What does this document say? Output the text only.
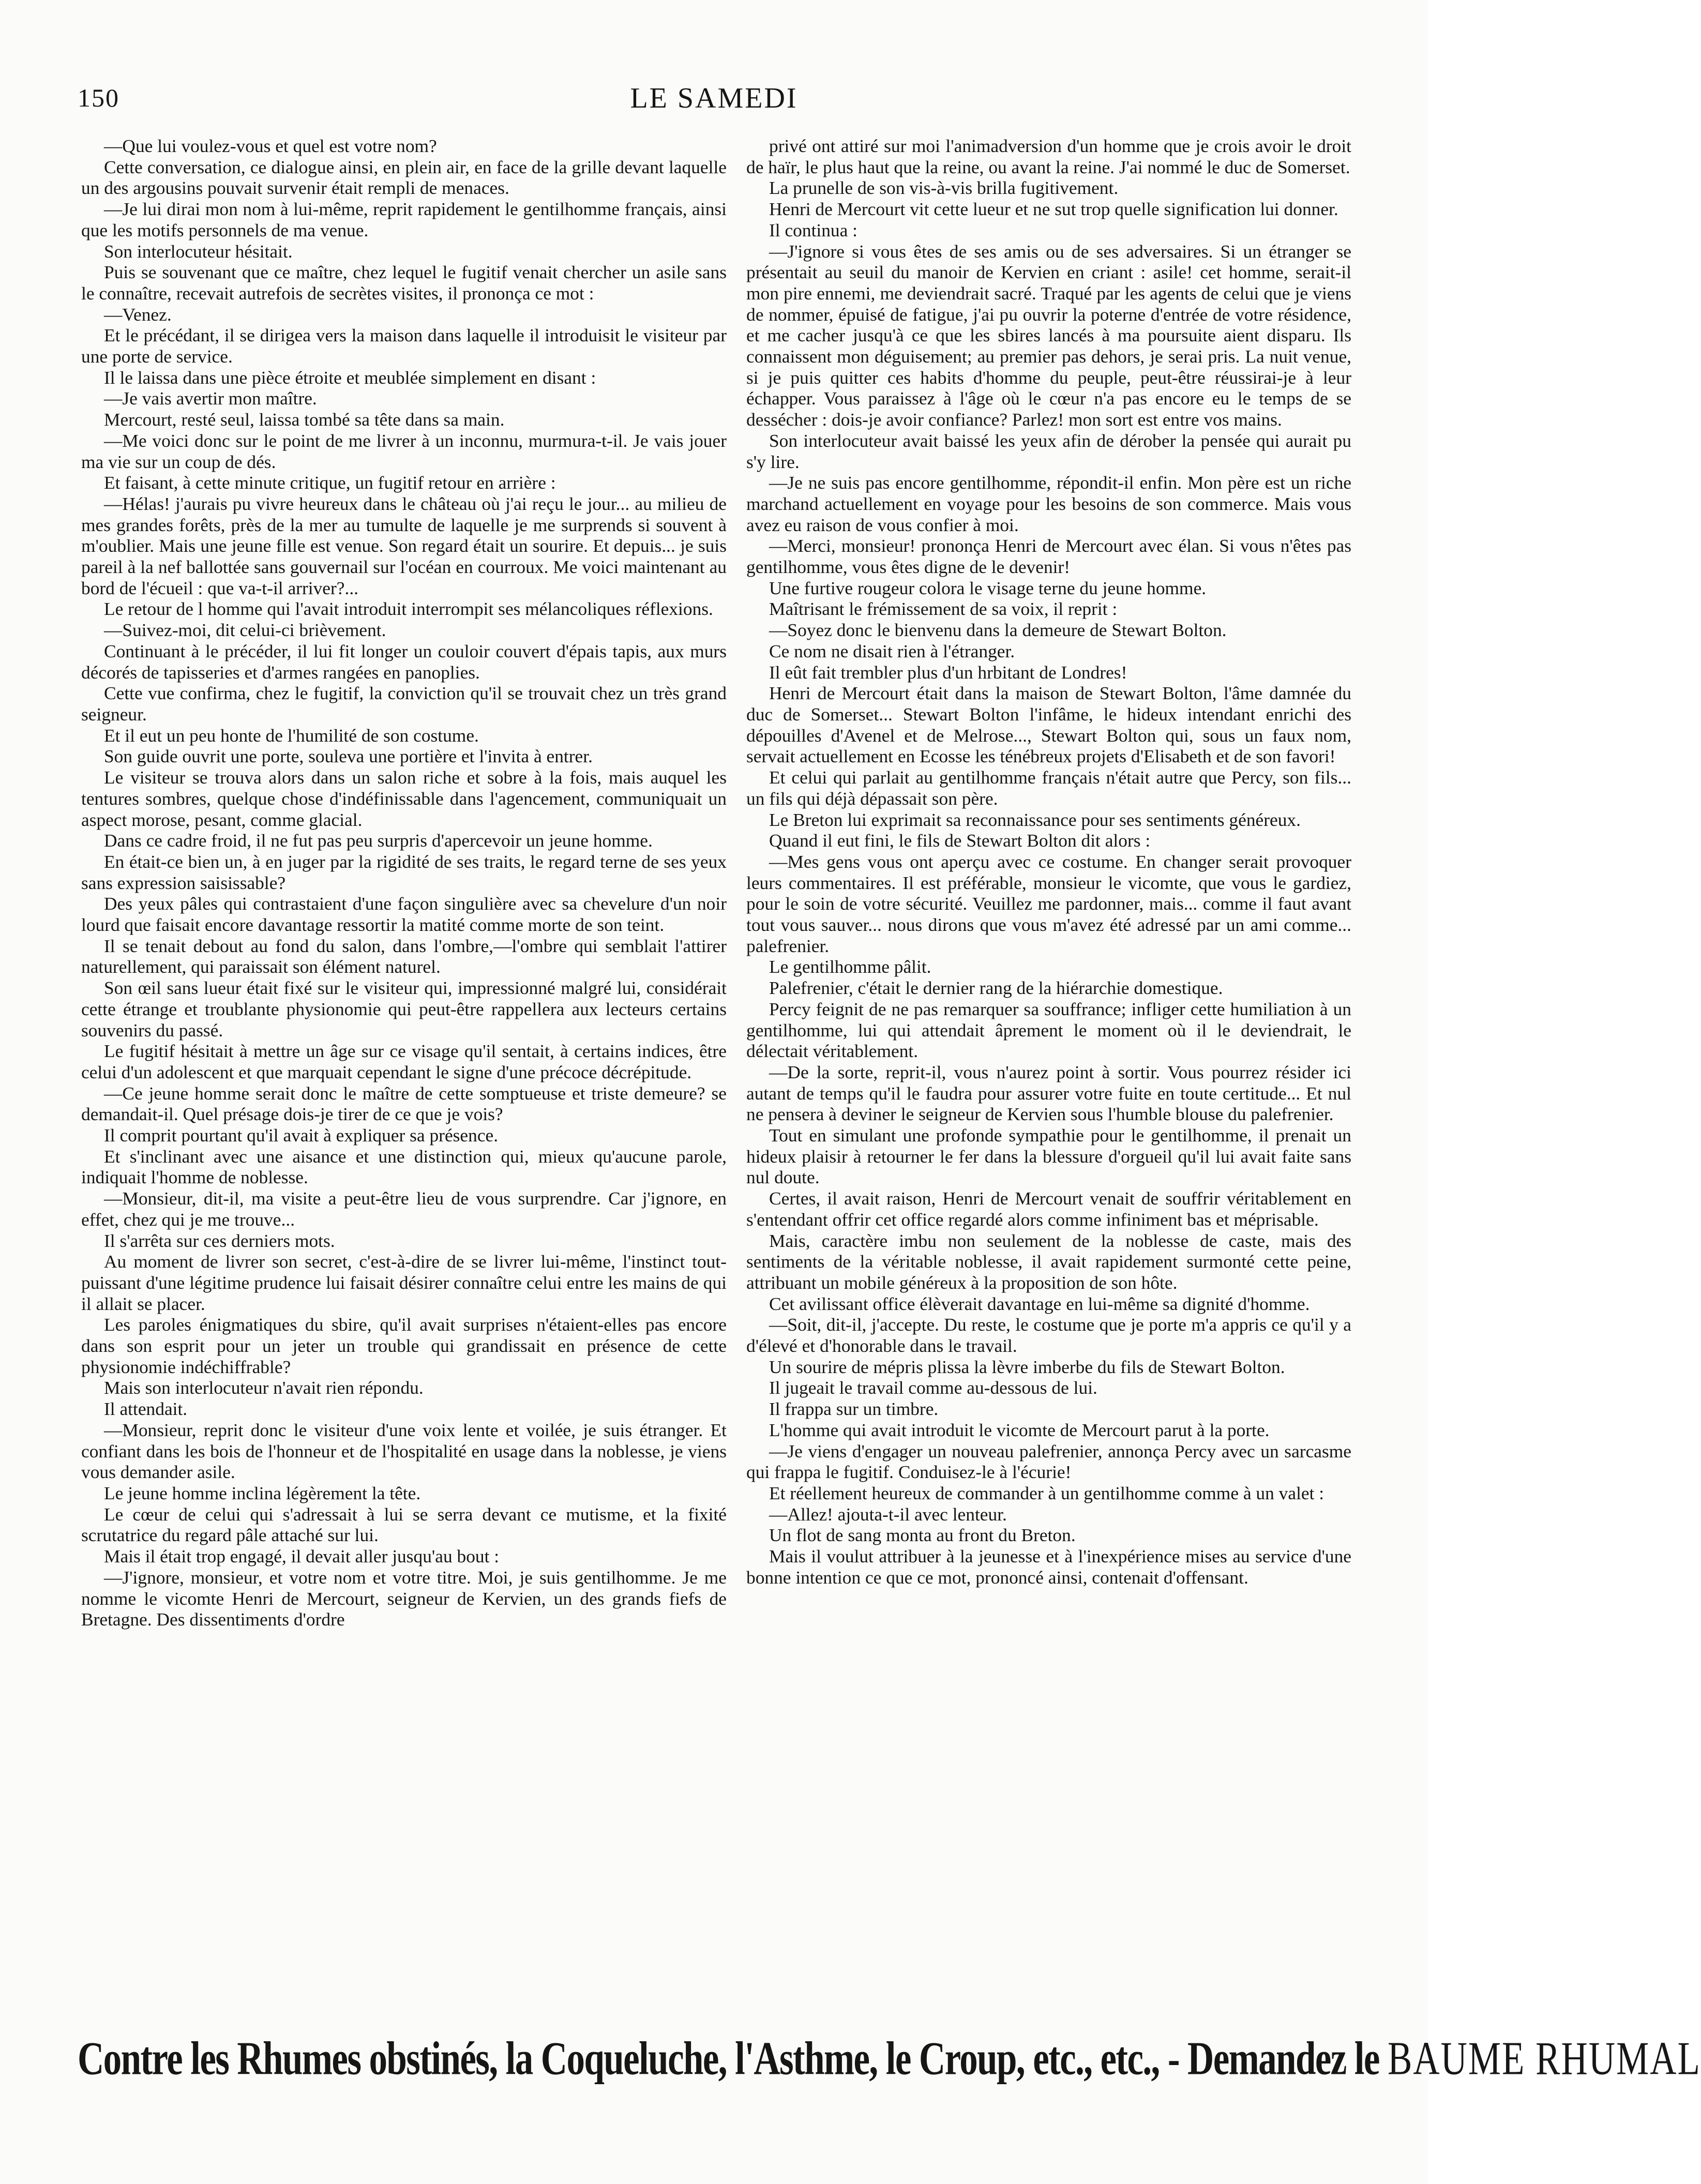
150	LE SAMEDI

—Que lui voulez-vous et quel est votre nom?

Cette conversation, ce dialogue ainsi, en plein air, en face de la grille devant laquelle un des argousins pouvait survenir était rempli de menaces.

—Je lui dirai mon nom à lui-même, reprit rapidement le gentilhomme français, ainsi que les motifs personnels de ma venue.

Son interlocuteur hésitait.

Puis se souvenant que ce maître, chez lequel le fugitif venait chercher un asile sans le connaître, recevait autrefois de secrètes visites, il prononça ce mot :

—Venez.

Et le précédant, il se dirigea vers la maison dans laquelle il introduisit le visiteur par une porte de service.

Il le laissa dans une pièce étroite et meublée simplement en disant :

—Je vais avertir mon maître.

Mercourt, resté seul, laissa tombé sa tête dans sa main.

—Me voici donc sur le point de me livrer à un inconnu, murmura-t-il. Je vais jouer ma vie sur un coup de dés.

Et faisant, à cette minute critique, un fugitif retour en arrière :

—Hélas! j'aurais pu vivre heureux dans le château où j'ai reçu le jour... au milieu de mes grandes forêts, près de la mer au tumulte de laquelle je me surprends si souvent à m'oublier. Mais une jeune fille est venue. Son regard était un sourire. Et depuis... je suis pareil à la nef ballottée sans gouvernail sur l'océan en courroux. Me voici maintenant au bord de l'écueil : que va-t-il arriver?...

Le retour de l homme qui l'avait introduit interrompit ses mélancoliques réflexions.

—Suivez-moi, dit celui-ci brièvement.

Continuant à le précéder, il lui fit longer un couloir couvert d'épais tapis, aux murs décorés de tapisseries et d'armes rangées en panoplies.

Cette vue confirma, chez le fugitif, la conviction qu'il se trouvait chez un très grand seigneur.

Et il eut un peu honte de l'humilité de son costume.

Son guide ouvrit une porte, souleva une portière et l'invita à entrer.

Le visiteur se trouva alors dans un salon riche et sobre à la fois, mais auquel les tentures sombres, quelque chose d'indéfinissable dans l'agencement, communiquait un aspect morose, pesant, comme glacial.

Dans ce cadre froid, il ne fut pas peu surpris d'apercevoir un jeune homme.

En était-ce bien un, à en juger par la rigidité de ses traits, le regard terne de ses yeux sans expression saisissable?

Des yeux pâles qui contrastaient d'une façon singulière avec sa chevelure d'un noir lourd que faisait encore davantage ressortir la matité comme morte de son teint.

Il se tenait debout au fond du salon, dans l'ombre,—l'ombre qui semblait l'attirer naturellement, qui paraissait son élément naturel.

Son œil sans lueur était fixé sur le visiteur qui, impressionné malgré lui, considérait cette étrange et troublante physionomie qui peut-être rappellera aux lecteurs certains souvenirs du passé.

Le fugitif hésitait à mettre un âge sur ce visage qu'il sentait, à certains indices, être celui d'un adolescent et que marquait cependant le signe d'une précoce décrépitude.

—Ce jeune homme serait donc le maître de cette somptueuse et triste demeure? se demandait-il. Quel présage dois-je tirer de ce que je vois?

Il comprit pourtant qu'il avait à expliquer sa présence.

Et s'inclinant avec une aisance et une distinction qui, mieux qu'aucune parole, indiquait l'homme de noblesse.

—Monsieur, dit-il, ma visite a peut-être lieu de vous surprendre. Car j'ignore, en effet, chez qui je me trouve...

Il s'arrêta sur ces derniers mots.

Au moment de livrer son secret, c'est-à-dire de se livrer lui-même, l'instinct tout-puissant d'une légitime prudence lui faisait désirer connaître celui entre les mains de qui il allait se placer.

Les paroles énigmatiques du sbire, qu'il avait surprises n'étaient-elles pas encore dans son esprit pour un jeter un trouble qui grandissait en présence de cette physionomie indéchiffrable?

Mais son interlocuteur n'avait rien répondu.

Il attendait.

—Monsieur, reprit donc le visiteur d'une voix lente et voilée, je suis étranger. Et confiant dans les bois de l'honneur et de l'hospitalité en usage dans la noblesse, je viens vous demander asile.

Le jeune homme inclina légèrement la tête.

Le cœur de celui qui s'adressait à lui se serra devant ce mutisme, et la fixité scrutatrice du regard pâle attaché sur lui.

Mais il était trop engagé, il devait aller jusqu'au bout :

—J'ignore, monsieur, et votre nom et votre titre. Moi, je suis gentilhomme. Je me nomme le vicomte Henri de Mercourt, seigneur de Kervien, un des grands fiefs de Bretagne. Des dissentiments d'ordre

privé ont attiré sur moi l'animadversion d'un homme que je crois avoir le droit de haïr, le plus haut que la reine, ou avant la reine. J'ai nommé le duc de Somerset.

La prunelle de son vis-à-vis brilla fugitivement.

Henri de Mercourt vit cette lueur et ne sut trop quelle signification lui donner.

Il continua :

—J'ignore si vous êtes de ses amis ou de ses adversaires. Si un étranger se présentait au seuil du manoir de Kervien en criant : asile! cet homme, serait-il mon pire ennemi, me deviendrait sacré. Traqué par les agents de celui que je viens de nommer, épuisé de fatigue, j'ai pu ouvrir la poterne d'entrée de votre résidence, et me cacher jusqu'à ce que les sbires lancés à ma poursuite aient disparu. Ils connaissent mon déguisement; au premier pas dehors, je serai pris. La nuit venue, si je puis quitter ces habits d'homme du peuple, peut-être réussirai-je à leur échapper. Vous paraissez à l'âge où le cœur n'a pas encore eu le temps de se dessécher : dois-je avoir confiance? Parlez! mon sort est entre vos mains.

Son interlocuteur avait baissé les yeux afin de dérober la pensée qui aurait pu s'y lire.

—Je ne suis pas encore gentilhomme, répondit-il enfin. Mon père est un riche marchand actuellement en voyage pour les besoins de son commerce. Mais vous avez eu raison de vous confier à moi.

—Merci, monsieur! prononça Henri de Mercourt avec élan. Si vous n'êtes pas gentilhomme, vous êtes digne de le devenir!

Une furtive rougeur colora le visage terne du jeune homme.

Maîtrisant le frémissement de sa voix, il reprit :

—Soyez donc le bienvenu dans la demeure de Stewart Bolton.

Ce nom ne disait rien à l'étranger.

Il eût fait trembler plus d'un hrbitant de Londres!

Henri de Mercourt était dans la maison de Stewart Bolton, l'âme damnée du duc de Somerset... Stewart Bolton l'infâme, le hideux intendant enrichi des dépouilles d'Avenel et de Melrose..., Stewart Bolton qui, sous un faux nom, servait actuellement en Ecosse les ténébreux projets d'Elisabeth et de son favori!

Et celui qui parlait au gentilhomme français n'était autre que Percy, son fils... un fils qui déjà dépassait son père.

Le Breton lui exprimait sa reconnaissance pour ses sentiments généreux.

Quand il eut fini, le fils de Stewart Bolton dit alors :

—Mes gens vous ont aperçu avec ce costume. En changer serait provoquer leurs commentaires. Il est préférable, monsieur le vicomte, que vous le gardiez, pour le soin de votre sécurité. Veuillez me pardonner, mais... comme il faut avant tout vous sauver... nous dirons que vous m'avez été adressé par un ami comme... palefrenier.

Le gentilhomme pâlit.

Palefrenier, c'était le dernier rang de la hiérarchie domestique.

Percy feignit de ne pas remarquer sa souffrance; infliger cette humiliation à un gentilhomme, lui qui attendait âprement le moment où il le deviendrait, le délectait véritablement.

—De la sorte, reprit-il, vous n'aurez point à sortir. Vous pourrez résider ici autant de temps qu'il le faudra pour assurer votre fuite en toute certitude... Et nul ne pensera à deviner le seigneur de Kervien sous l'humble blouse du palefrenier.

Tout en simulant une profonde sympathie pour le gentilhomme, il prenait un hideux plaisir à retourner le fer dans la blessure d'orgueil qu'il lui avait faite sans nul doute.

Certes, il avait raison, Henri de Mercourt venait de souffrir véritablement en s'entendant offrir cet office regardé alors comme infiniment bas et méprisable.

Mais, caractère imbu non seulement de la noblesse de caste, mais des sentiments de la véritable noblesse, il avait rapidement surmonté cette peine, attribuant un mobile généreux à la proposition de son hôte.

Cet avilissant office élèverait davantage en lui-même sa dignité d'homme.

—Soit, dit-il, j'accepte. Du reste, le costume que je porte m'a appris ce qu'il y a d'élevé et d'honorable dans le travail.

Un sourire de mépris plissa la lèvre imberbe du fils de Stewart Bolton.

Il jugeait le travail comme au-dessous de lui.

Il frappa sur un timbre.

L'homme qui avait introduit le vicomte de Mercourt parut à la porte.

—Je viens d'engager un nouveau palefrenier, annonça Percy avec un sarcasme qui frappa le fugitif. Conduisez-le à l'écurie!

Et réellement heureux de commander à un gentilhomme comme à un valet :

—Allez! ajouta-t-il avec lenteur.

Un flot de sang monta au front du Breton.

Mais il voulut attribuer à la jeunesse et à l'inexpérience mises au service d'une bonne intention ce que ce mot, prononcé ainsi, contenait d'offensant.

Contre les Rhumes obstinés, la Coqueluche, l'Asthme, le Croup, etc., etc., - Demandez le BAUME RHUMAL
